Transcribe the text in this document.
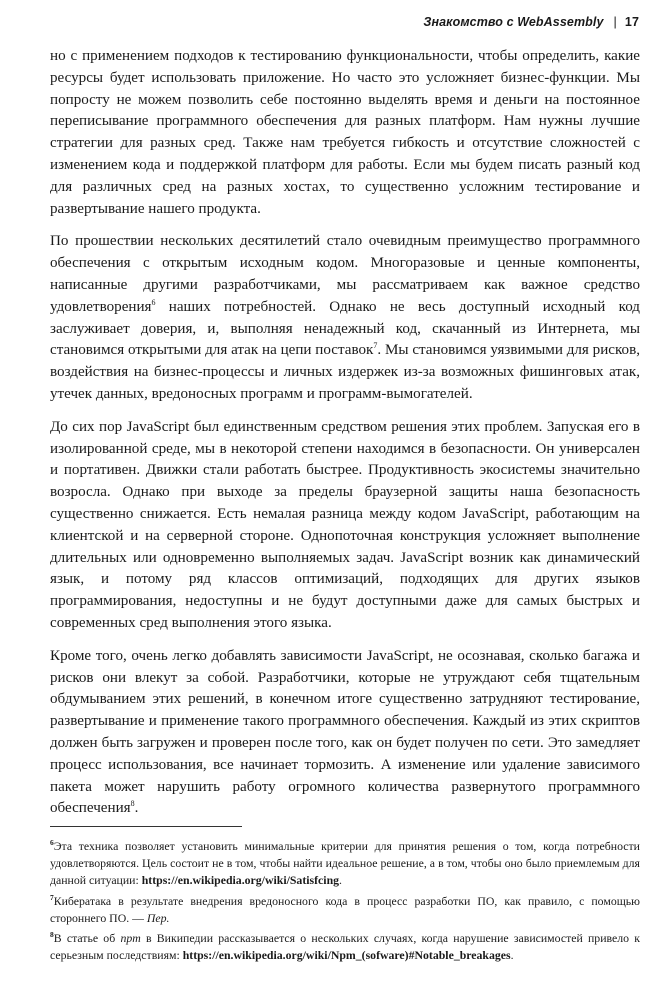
Знакомство с WebAssembly | 17

но с применением подходов к тестированию функциональности, чтобы определить, какие ресурсы будет использовать приложение. Но часто это усложняет бизнес-функции. Мы попросту не можем позволить себе постоянно выделять время и деньги на постоянное переписывание программного обеспечения для разных платформ. Нам нужны лучшие стратегии для разных сред. Также нам требуется гибкость и отсутствие сложностей с изменением кода и поддержкой платформ для работы. Если мы будем писать разный код для различных сред на разных хостах, то существенно усложним тестирование и развертывание нашего продукта.

По прошествии нескольких десятилетий стало очевидным преимущество программного обеспечения с открытым исходным кодом. Многоразовые и ценные компоненты, написанные другими разработчиками, мы рассматриваем как важное средство удовлетворения$^6$ наших потребностей. Однако не весь доступный исходный код заслуживает доверия, и, выполняя ненадежный код, скачанный из Интернета, мы становимся открытыми для атак на цепи поставок$^7$. Мы становимся уязвимыми для рисков, воздействия на бизнес-процессы и личных издержек из-за возможных фишинговых атак, утечек данных, вредоносных программ и программ-вымогателей.

До сих пор JavaScript был единственным средством решения этих проблем. Запуская его в изолированной среде, мы в некоторой степени находимся в безопасности. Он универсален и портативен. Движки стали работать быстрее. Продуктивность экосистемы значительно возросла. Однако при выходе за пределы браузерной защиты наша безопасность существенно снижается. Есть немалая разница между кодом JavaScript, работающим на клиентской и на серверной стороне. Однопоточная конструкция усложняет выполнение длительных или одновременно выполняемых задач. JavaScript возник как динамический язык, и потому ряд классов оптимизаций, подходящих для других языков программирования, недоступны и не будут доступными даже для самых быстрых и современных сред выполнения этого языка.

Кроме того, очень легко добавлять зависимости JavaScript, не осознавая, сколько багажа и рисков они влекут за собой. Разработчики, которые не утруждают себя тщательным обдумыванием этих решений, в конечном итоге существенно затрудняют тестирование, развертывание и применение такого программного обеспечения. Каждый из этих скриптов должен быть загружен и проверен после того, как он будет получен по сети. Это замедляет процесс использования, все начинает тормозить. А изменение или удаление зависимого пакета может нарушить работу огромного количества развернутого программного обеспечения$^8$.

$^6$Эта техника позволяет установить минимальные критерии для принятия решения о том, когда потребности удовлетворяются. Цель состоит не в том, чтобы найти идеальное решение, а в том, чтобы оно было приемлемым для данной ситуации: https://en.wikipedia.org/wiki/Satisfcing.

$^7$Кибератака в результате внедрения вредоносного кода в процесс разработки ПО, как правило, с помощью стороннего ПО. — Пер.

$^8$В статье об npm в Википедии рассказывается о нескольких случаях, когда нарушение зависимостей привело к серьезным последствиям: https://en.wikipedia.org/wiki/Npm_(sofware)#Notable_breakages.
